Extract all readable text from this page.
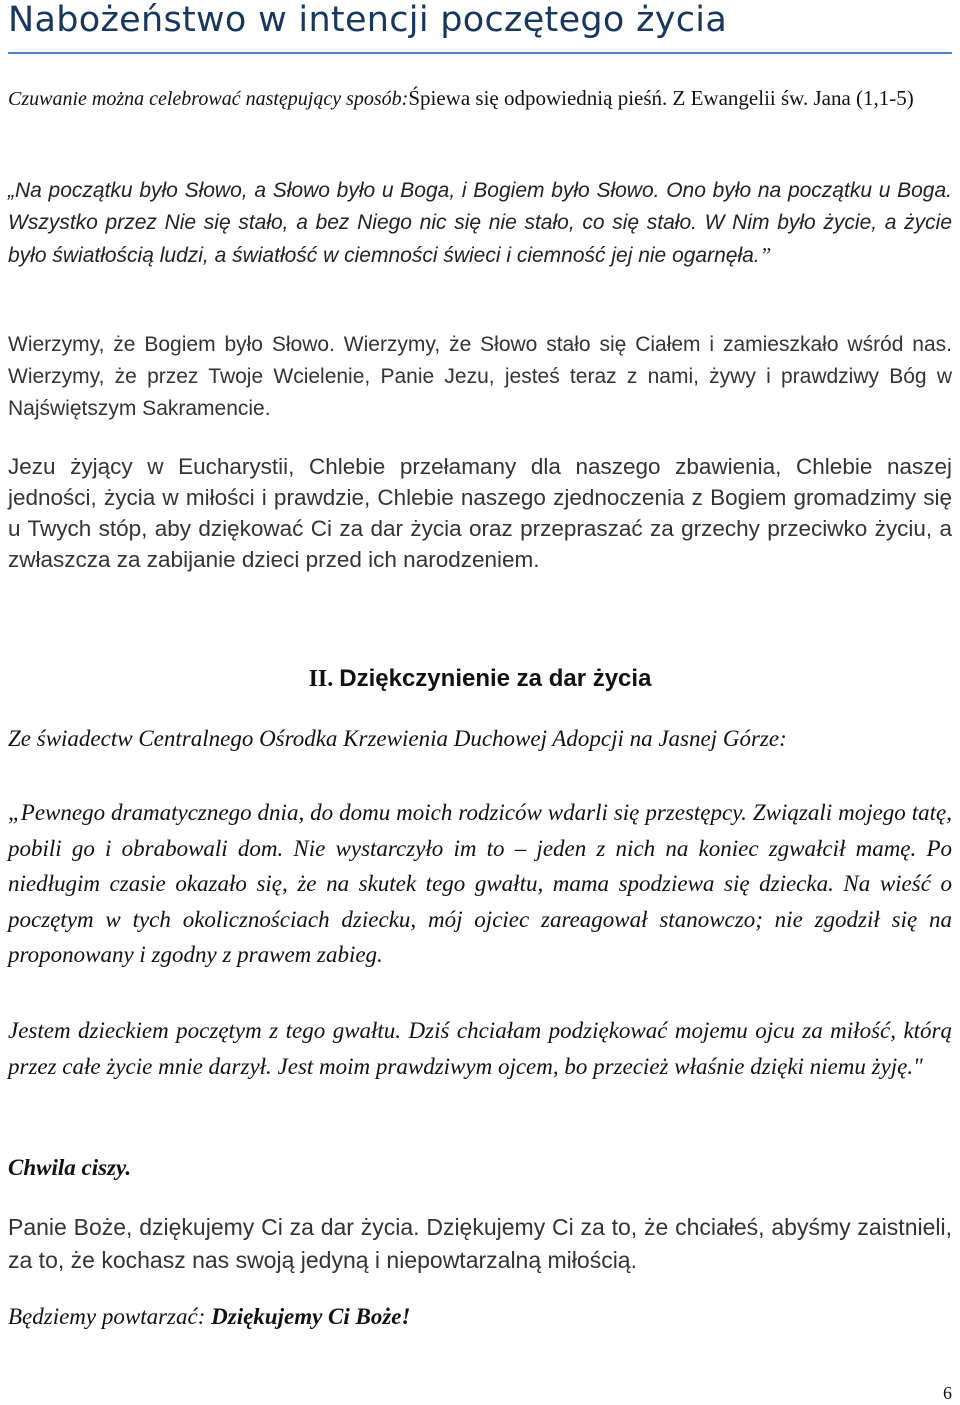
Nabożeństwo w intencji poczętego życia

Czuwanie można celebrować następujący sposób:Śpiewa się odpowiednią pieśń. Z Ewangelii św. Jana (1,1-5)

„Na początku było Słowo, a Słowo było u Boga, i Bogiem było Słowo. Ono było na początku u Boga. Wszystko przez Nie się stało, a bez Niego nic się nie stało, co się stało. W Nim było życie, a życie było światłością ludzi, a światłość w ciemności świeci i ciemność jej nie ogarnęła.”

Wierzymy, że Bogiem było Słowo. Wierzymy, że Słowo stało się Ciałem i zamieszkało wśród nas. Wierzymy, że przez Twoje Wcielenie, Panie Jezu, jesteś teraz z nami, żywy i prawdziwy Bóg w Najświętszym Sakramencie.

Jezu żyjący w Eucharystii, Chlebie przełamany dla naszego zbawienia, Chlebie naszej jedności, życia w miłości i prawdzie, Chlebie naszego zjednoczenia z Bogiem gromadzimy się u Twych stóp, aby dziękować Ci za dar życia oraz przepraszać za grzechy przeciwko życiu, a zwłaszcza za zabijanie dzieci przed ich narodzeniem.

II. Dziękczynienie za dar życia

Ze świadectw Centralnego Ośrodka Krzewienia Duchowej Adopcji na Jasnej Górze:

„Pewnego dramatycznego dnia, do domu moich rodziców wdarli się przestępcy. Związali mojego tatę, pobili go i obrabowali dom. Nie wystarczyło im to – jeden z nich na koniec zgwałcił mamę. Po niedługim czasie okazało się, że na skutek tego gwałtu, mama spodziewa się dziecka. Na wieść o poczętym w tych okolicznościach dziecku, mój ojciec zareagował stanowczo; nie zgodził się na proponowany i zgodny z prawem zabieg.

Jestem dzieckiem poczętym z tego gwałtu. Dziś chciałam podziękować mojemu ojcu za miłość, którą przez całe życie mnie darzył. Jest moim prawdziwym ojcem, bo przecież właśnie dzięki niemu żyję."

Chwila ciszy.

Panie Boże, dziękujemy Ci za dar życia. Dziękujemy Ci za to, że chciałeś, abyśmy zaistnieli, za to, że kochasz nas swoją jedyną i niepowtarzalną miłością.

Będziemy powtarzać: Dziękujemy Ci Boże!

6
